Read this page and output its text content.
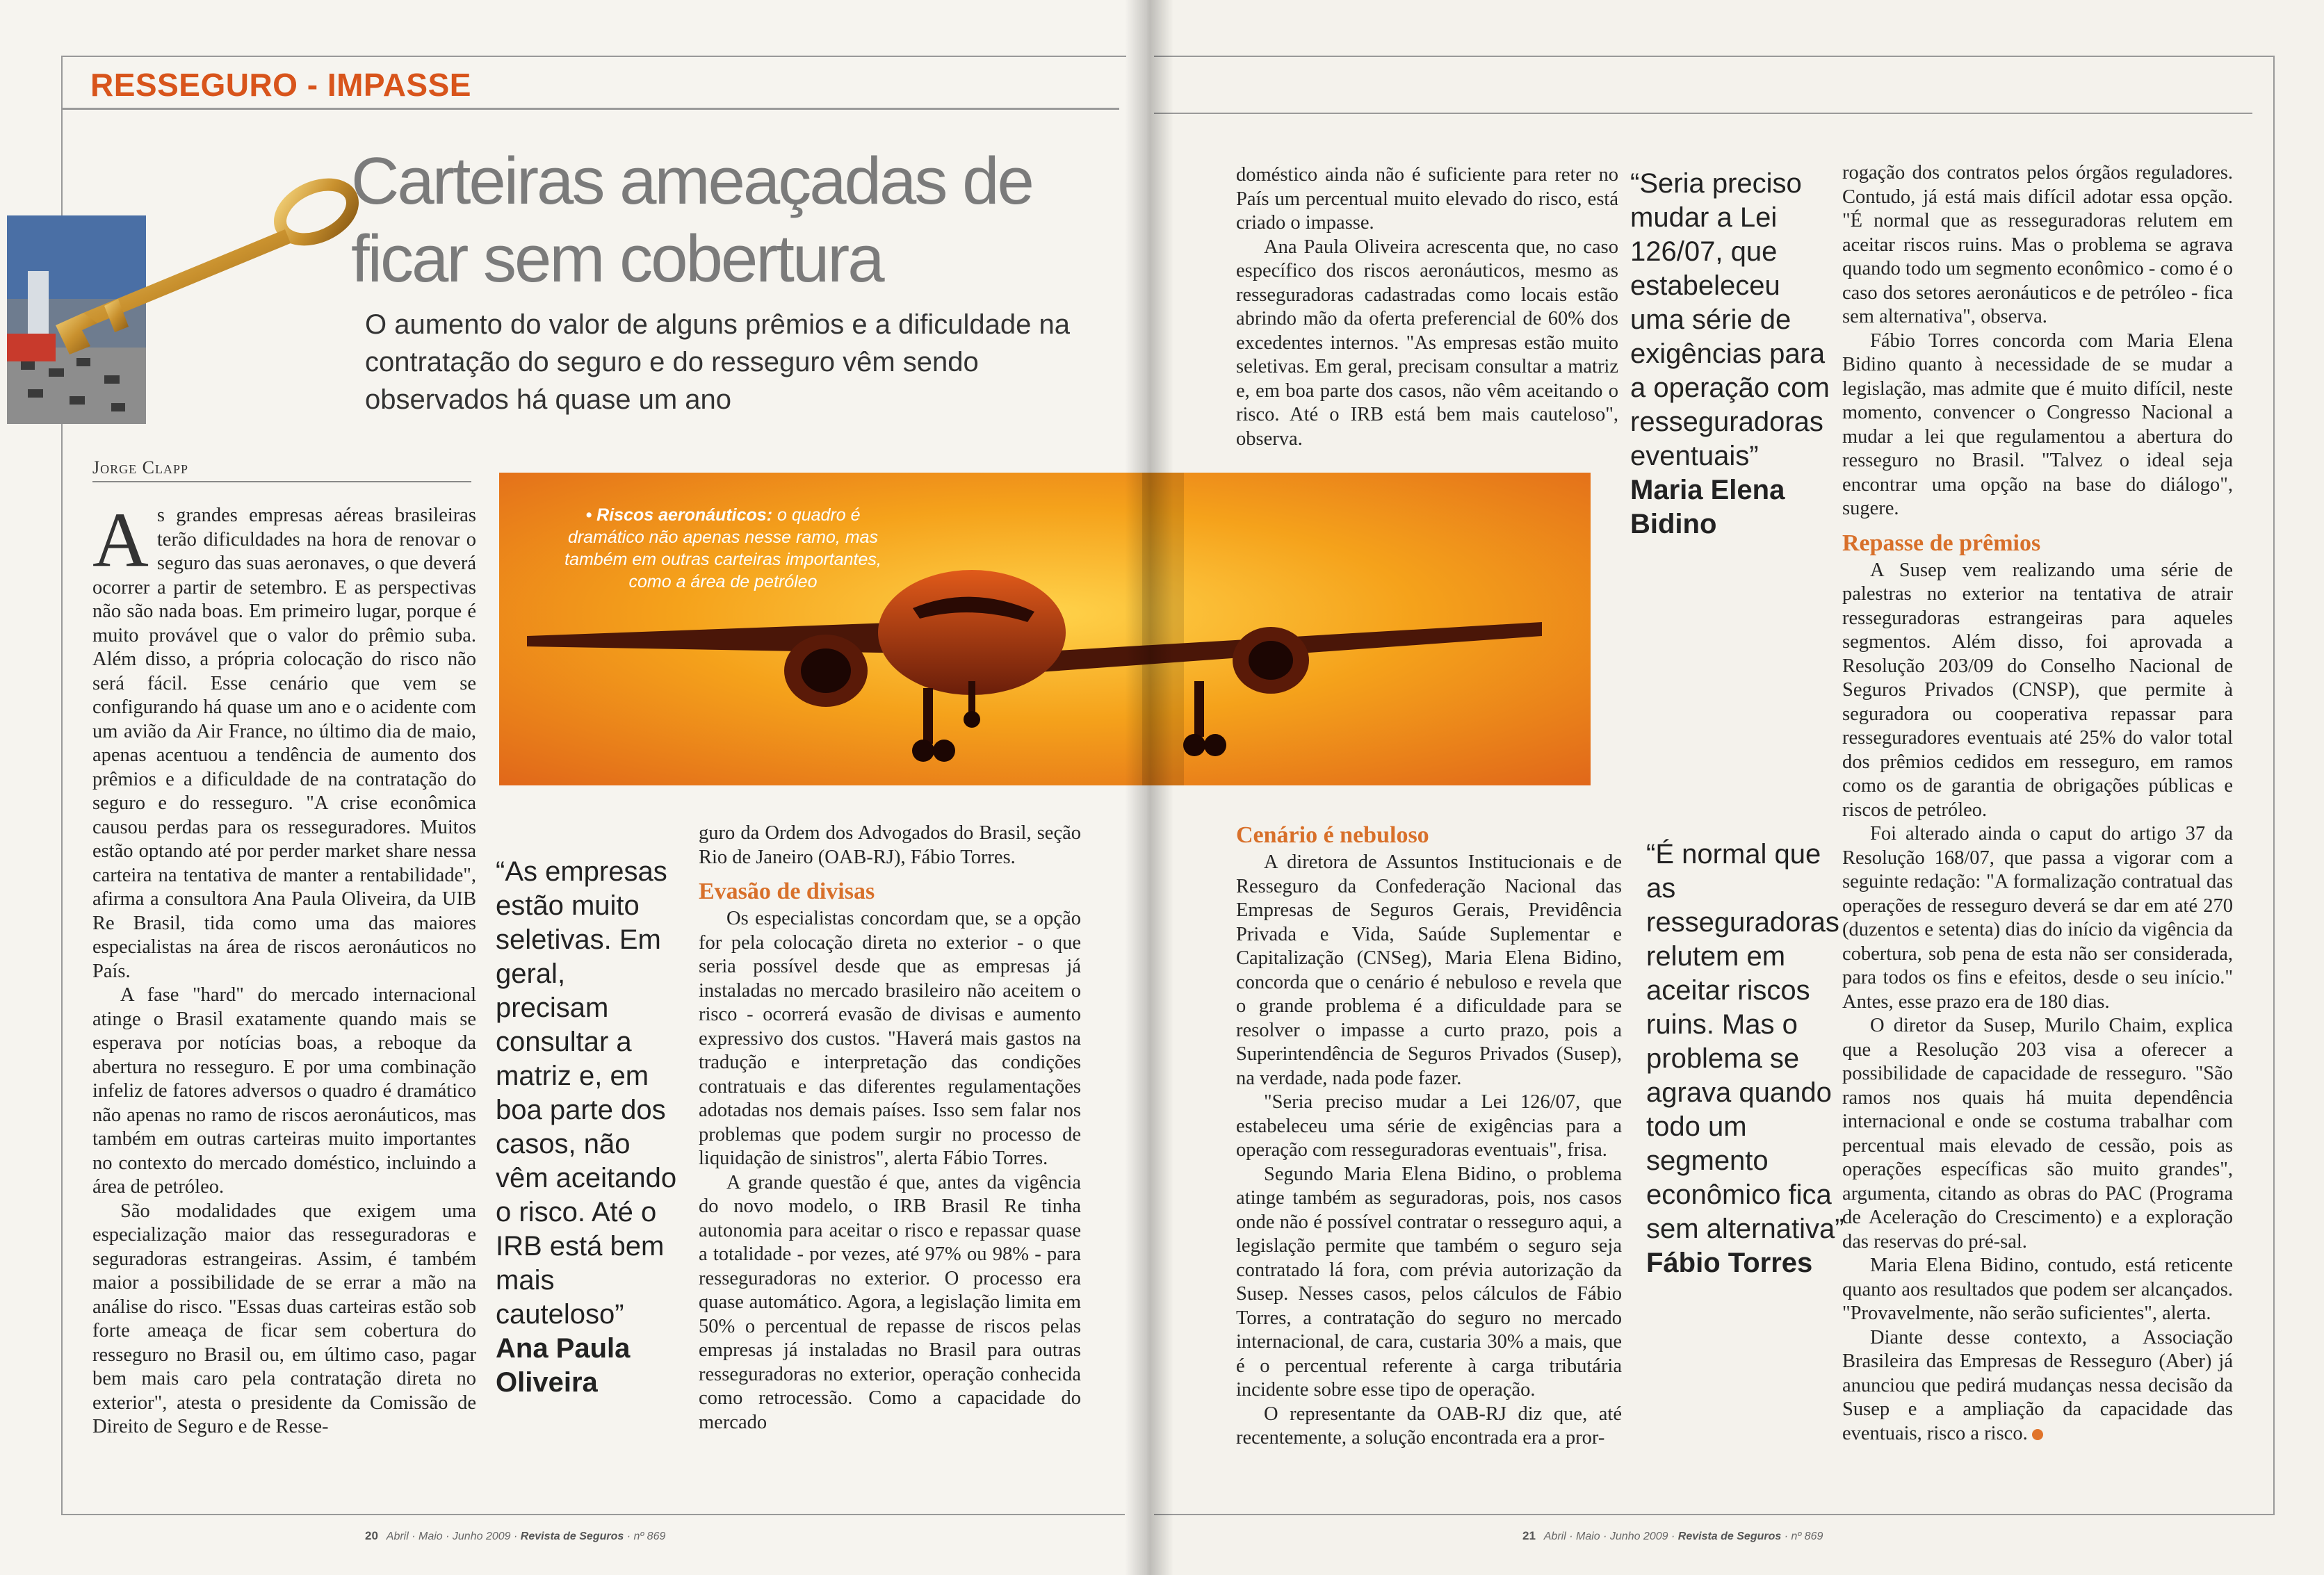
RESSEGURO - IMPASSE
Carteiras ameaçadas de ficar sem cobertura

O aumento do valor de alguns prêmios e a dificuldade na contratação do seguro e do resseguro vêm sendo observados há quase um ano

Jorge Clapp

A s grandes empresas aéreas brasileiras terão dificuldades na hora de renovar o seguro das suas aeronaves, o que deverá ocorrer a partir de setembro. E as perspectivas não são nada boas. Em primeiro lugar, porque é muito provável que o valor do prêmio suba. Além disso, a própria colocação do risco não será fácil. Esse cenário que vem se configurando há quase um ano e o acidente com um avião da Air France, no último dia de maio, apenas acentuou a tendência de aumento dos prêmios e a dificuldade de na contratação do seguro e do resseguro. "A crise econômica causou perdas para os resseguradores. Muitos estão optando até por perder market share nessa carteira na tentativa de manter a rentabilidade", afirma a consultora Ana Paula Oliveira, da UIB Re Brasil, tida como uma das maiores especialistas na área de riscos aeronáuticos no País.

A fase "hard" do mercado internacional atinge o Brasil exatamente quando mais se esperava por notícias boas, a reboque da abertura no resseguro. E por uma combinação infeliz de fatores adversos o quadro é dramático não apenas no ramo de riscos aeronáuticos, mas também em outras carteiras muito importantes no contexto do mercado doméstico, incluindo a área de petróleo.

São modalidades que exigem uma especialização maior das resseguradoras e seguradoras estrangeiras. Assim, é também maior a possibilidade de se errar a mão na análise do risco. "Essas duas carteiras estão sob forte ameaça de ficar sem cobertura do resseguro no Brasil ou, em último caso, pagar bem mais caro pela contratação direta no exterior", atesta o presidente da Comissão de Direito de Seguro e de Resse-

“As empresas estão muito seletivas. Em geral, precisam consultar a matriz e, em boa parte dos casos, não vêm aceitando o risco. Até o IRB está bem mais cauteloso”
Ana Paula Oliveira

guro da Ordem dos Advogados do Brasil, seção Rio de Janeiro (OAB-RJ), Fábio Torres.

Evasão de divisas

Os especialistas concordam que, se a opção for pela colocação direta no exterior - o que seria possível desde que as empresas já instaladas no mercado brasileiro não aceitem o risco - ocorrerá evasão de divisas e aumento expressivo dos custos. "Haverá mais gastos na tradução e interpretação das condições contratuais e das diferentes regulamentações adotadas nos demais países. Isso sem falar nos problemas que podem surgir no processo de liquidação de sinistros", alerta Fábio Torres.

A grande questão é que, antes da vigência do novo modelo, o IRB Brasil Re tinha autonomia para aceitar o risco e repassar quase a totalidade - por vezes, até 97% ou 98% - para resseguradoras no exterior. O processo era quase automático. Agora, a legislação limita em 50% o percentual de repasse de riscos pelas empresas já instaladas no Brasil para outras resseguradoras no exterior, operação conhecida como retrocessão. Como a capacidade do mercado

20 Abril · Maio · Junho 2009 · Revista de Seguros · nº 869

doméstico ainda não é suficiente para reter no País um percentual muito elevado do risco, está criado o impasse.

Ana Paula Oliveira acrescenta que, no caso específico dos riscos aeronáuticos, mesmo as resseguradoras cadastradas como locais estão abrindo mão da oferta preferencial de 60% dos excedentes internos. "As empresas estão muito seletivas. Em geral, precisam consultar a matriz e, em boa parte dos casos, não vêm aceitando o risco. Até o IRB está bem mais cauteloso", observa.

“Seria preciso mudar a Lei 126/07, que estabeleceu uma série de exigências para a operação com resseguradoras eventuais”
Maria Elena Bidino

rogação dos contratos pelos órgãos reguladores. Contudo, já está mais difícil adotar essa opção. "É normal que as resseguradoras relutem em aceitar riscos ruins. Mas o problema se agrava quando todo um segmento econômico - como é o caso dos setores aeronáuticos e de petróleo - fica sem alternativa", observa.

Fábio Torres concorda com Maria Elena Bidino quanto à necessidade de se mudar a legislação, mas admite que é muito difícil, neste momento, convencer o Congresso Nacional a mudar a lei que regulamentou a abertura do resseguro no Brasil. "Talvez o ideal seja encontrar uma opção na base do diálogo", sugere.

Repasse de prêmios

A Susep vem realizando uma série de palestras no exterior na tentativa de atrair resseguradoras estrangeiras para aqueles segmentos. Além disso, foi aprovada a Resolução 203/09 do Conselho Nacional de Seguros Privados (CNSP), que permite à seguradora ou cooperativa repassar para resseguradores eventuais até 25% do valor total dos prêmios cedidos em resseguro, em ramos como os de garantia de obrigações públicas e riscos de petróleo.

Foi alterado ainda o caput do artigo 37 da Resolução 168/07, que passa a vigorar com a seguinte redação: "A formalização contratual das operações de resseguro deverá se dar em até 270 (duzentos e setenta) dias do início da vigência da cobertura, sob pena de esta não ser considerada, para todos os fins e efeitos, desde o seu início." Antes, esse prazo era de 180 dias.

O diretor da Susep, Murilo Chaim, explica que a Resolução 203 visa a oferecer a possibilidade de capacidade de resseguro. "São ramos nos quais há muita dependência internacional e onde se costuma trabalhar com percentual mais elevado de cessão, pois as operações específicas são muito grandes", argumenta, citando as obras do PAC (Programa de Aceleração do Crescimento) e a exploração das reservas do pré-sal.

Maria Elena Bidino, contudo, está reticente quanto aos resultados que podem ser alcançados. "Provavelmente, não serão suficientes", alerta.

Diante desse contexto, a Associação Brasileira das Empresas de Resseguro (Aber) já anunciou que pedirá mudanças nessa decisão da Susep e a ampliação da capacidade das eventuais, risco a risco.

Cenário é nebuloso

A diretora de Assuntos Institucionais e de Resseguro da Confederação Nacional das Empresas de Seguros Gerais, Previdência Privada e Vida, Saúde Suplementar e Capitalização (CNSeg), Maria Elena Bidino, concorda que o cenário é nebuloso e revela que o grande problema é a dificuldade para se resolver o impasse a curto prazo, pois a Superintendência de Seguros Privados (Susep), na verdade, nada pode fazer.

"Seria preciso mudar a Lei 126/07, que estabeleceu uma série de exigências para a operação com resseguradoras eventuais", frisa.

Segundo Maria Elena Bidino, o problema atinge também as seguradoras, pois, nos casos onde não é possível contratar o resseguro aqui, a legislação permite que também o seguro seja contratado lá fora, com prévia autorização da Susep. Nesses casos, pelos cálculos de Fábio Torres, a contratação do seguro no mercado internacional, de cara, custaria 30% a mais, que é o percentual referente à carga tributária incidente sobre esse tipo de operação.

O representante da OAB-RJ diz que, até recentemente, a solução encontrada era a pror-

“É normal que as resseguradoras relutem em aceitar riscos ruins. Mas o problema se agrava quando todo um segmento econômico fica sem alternativa”
Fábio Torres
21 Abril · Maio · Junho 2009 · Revista de Seguros · nº 869
• Riscos aeronáuticos: o quadro é dramático não apenas nesse ramo, mas também em outras carteiras importantes, como a área de petróleo
